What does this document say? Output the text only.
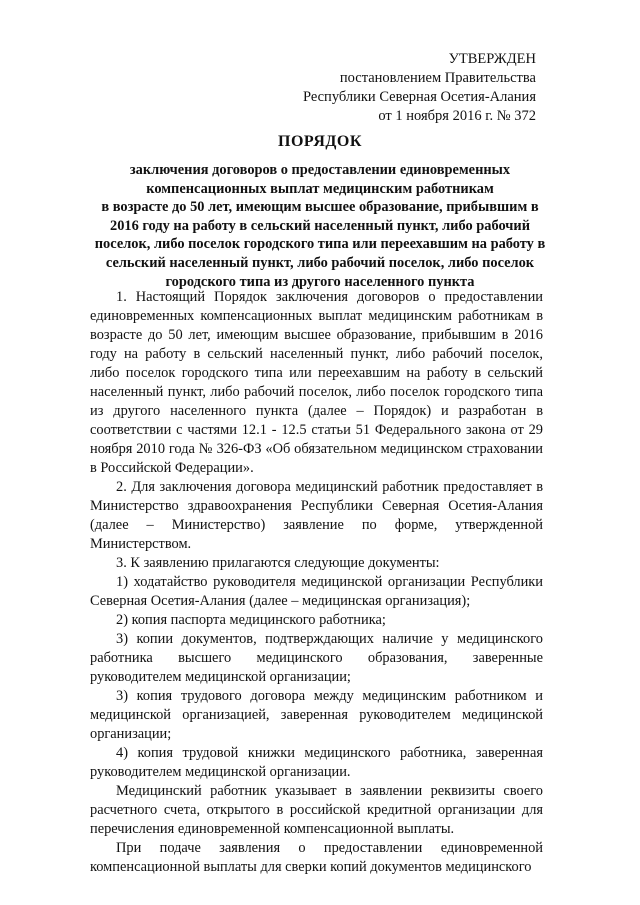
УТВЕРЖДЕН
постановлением Правительства
Республики Северная Осетия-Алания
от 1 ноября 2016 г. № 372
ПОРЯДОК

заключения договоров о предоставлении единовременных

компенсационных выплат медицинским работникам

в возрасте до 50 лет, имеющим высшее образование, прибывшим в

2016 году на работу в сельский населенный пункт, либо рабочий

поселок, либо поселок городского типа или переехавшим на работу в

сельский населенный пункт, либо рабочий поселок, либо поселок

городского типа из другого населенного пункта

1. Настоящий Порядок заключения договоров о предоставлении единовременных компенсационных выплат медицинским работникам в возрасте до 50 лет, имеющим высшее образование, прибывшим в 2016 году на работу в сельский населенный пункт, либо рабочий поселок, либо поселок городского типа или переехавшим на работу в сельский населенный пункт, либо рабочий поселок, либо поселок городского типа из другого населенного пункта (далее – Порядок) и разработан в соответствии с частями 12.1 - 12.5 статьи 51 Федерального закона от 29 ноября 2010 года № 326-ФЗ «Об обязательном медицинском страховании в Российской Федерации».

2. Для заключения договора медицинский работник предоставляет в Министерство здравоохранения Республики Северная Осетия-Алания (далее – Министерство) заявление по форме, утвержденной Министерством.

3. К заявлению прилагаются следующие документы:

1) ходатайство руководителя медицинской организации Республики Северная Осетия-Алания (далее – медицинская организация);

2) копия паспорта медицинского работника;

3) копии документов, подтверждающих наличие у медицинского работника высшего медицинского образования, заверенные руководителем медицинской организации;

3) копия трудового договора между медицинским работником и медицинской организацией, заверенная руководителем медицинской организации;

4) копия трудовой книжки медицинского работника, заверенная руководителем медицинской организации.

Медицинский работник указывает в заявлении реквизиты своего расчетного счета, открытого в российской кредитной организации для перечисления единовременной компенсационной выплаты.

При подаче заявления о предоставлении единовременной компенсационной выплаты для сверки копий документов медицинского
